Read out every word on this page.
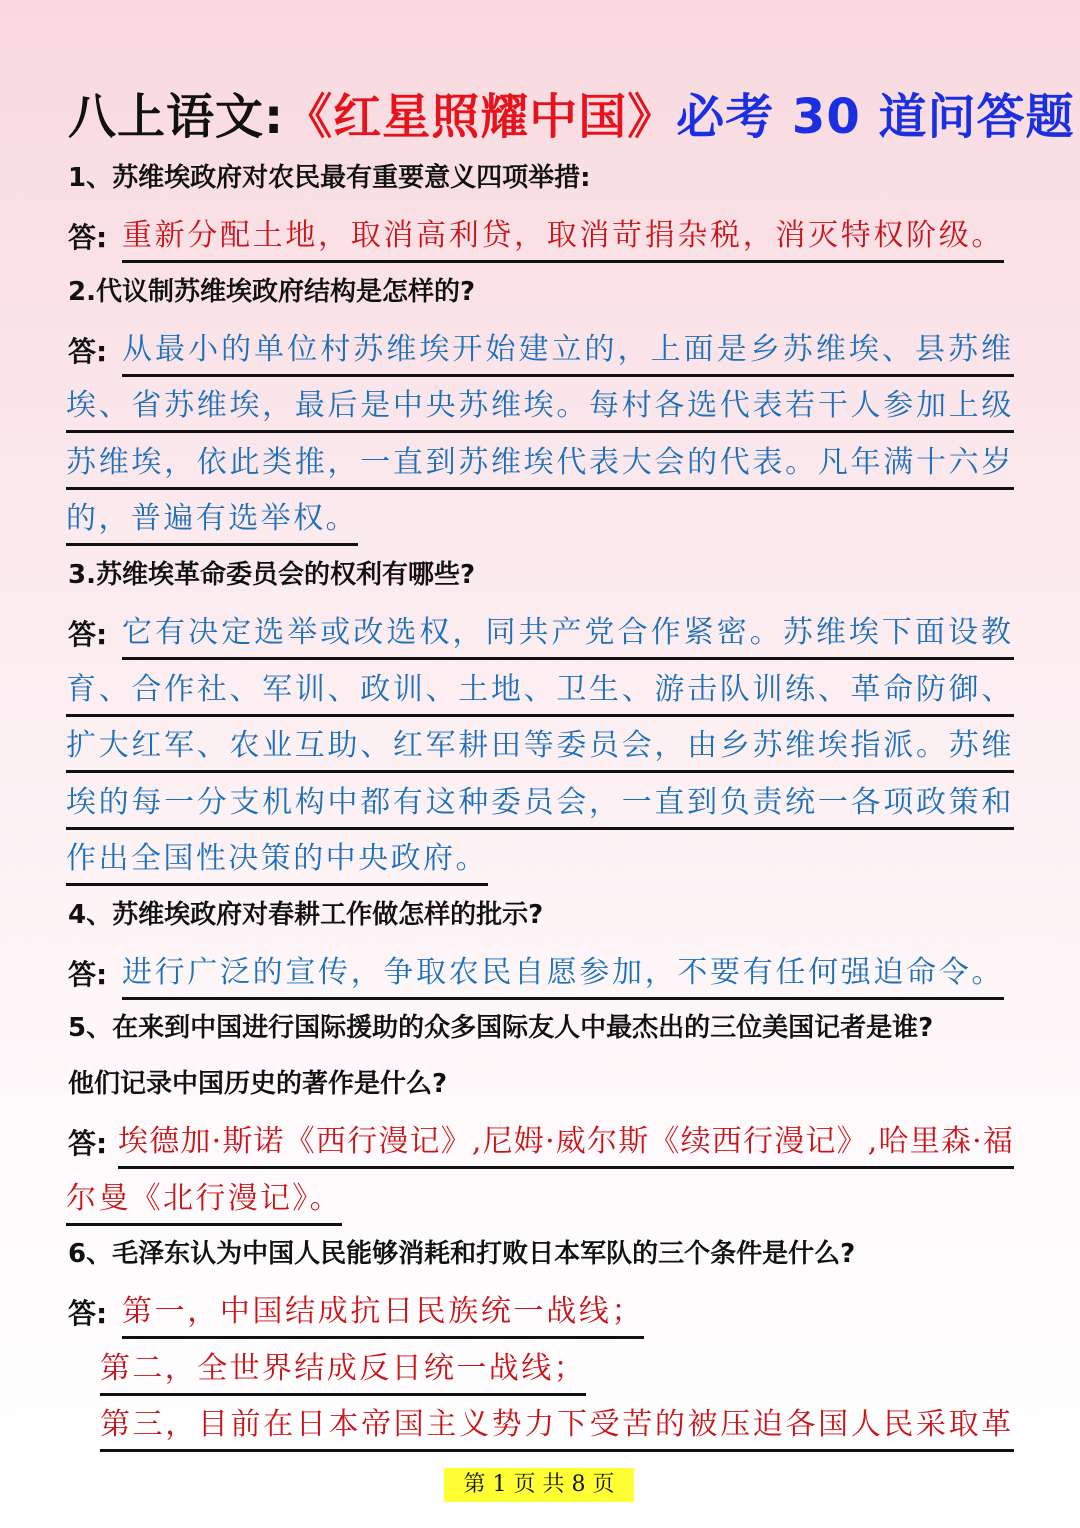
八上语文:《红星照耀中国》必考 30 道问答题
1、苏维埃政府对农民最有重要意义四项举措:
答: 重新分配土地，取消高利贷，取消苛捐杂税，消灭特权阶级。
2.代议制苏维埃政府结构是怎样的?
答: 从最小的单位村苏维埃开始建立的，上面是乡苏维埃、县苏维
埃、省苏维埃，最后是中央苏维埃。每村各选代表若干人参加上级
苏维埃，依此类推，一直到苏维埃代表大会的代表。凡年满十六岁
的，普遍有选举权。
3.苏维埃革命委员会的权利有哪些?
答: 它有决定选举或改选权，同共产党合作紧密。苏维埃下面设教
育、合作社、军训、政训、土地、卫生、游击队训练、革命防御、
扩大红军、农业互助、红军耕田等委员会，由乡苏维埃指派。苏维
埃的每一分支机构中都有这种委员会，一直到负责统一各项政策和
作出全国性决策的中央政府。
4、苏维埃政府对春耕工作做怎样的批示?
答: 进行广泛的宣传，争取农民自愿参加，不要有任何强迫命令。
5、在来到中国进行国际援助的众多国际友人中最杰出的三位美国记者是谁?
他们记录中国历史的著作是什么?
答: 埃德加·斯诺《西行漫记》,尼姆·威尔斯《续西行漫记》,哈里森·福
尔曼《北行漫记》。
6、毛泽东认为中国人民能够消耗和打败日本军队的三个条件是什么?
答: 第一，中国结成抗日民族统一战线；
第二，全世界结成反日统一战线；
第三，目前在日本帝国主义势力下受苦的被压迫各国人民采取革
第 1 页 共 8 页
